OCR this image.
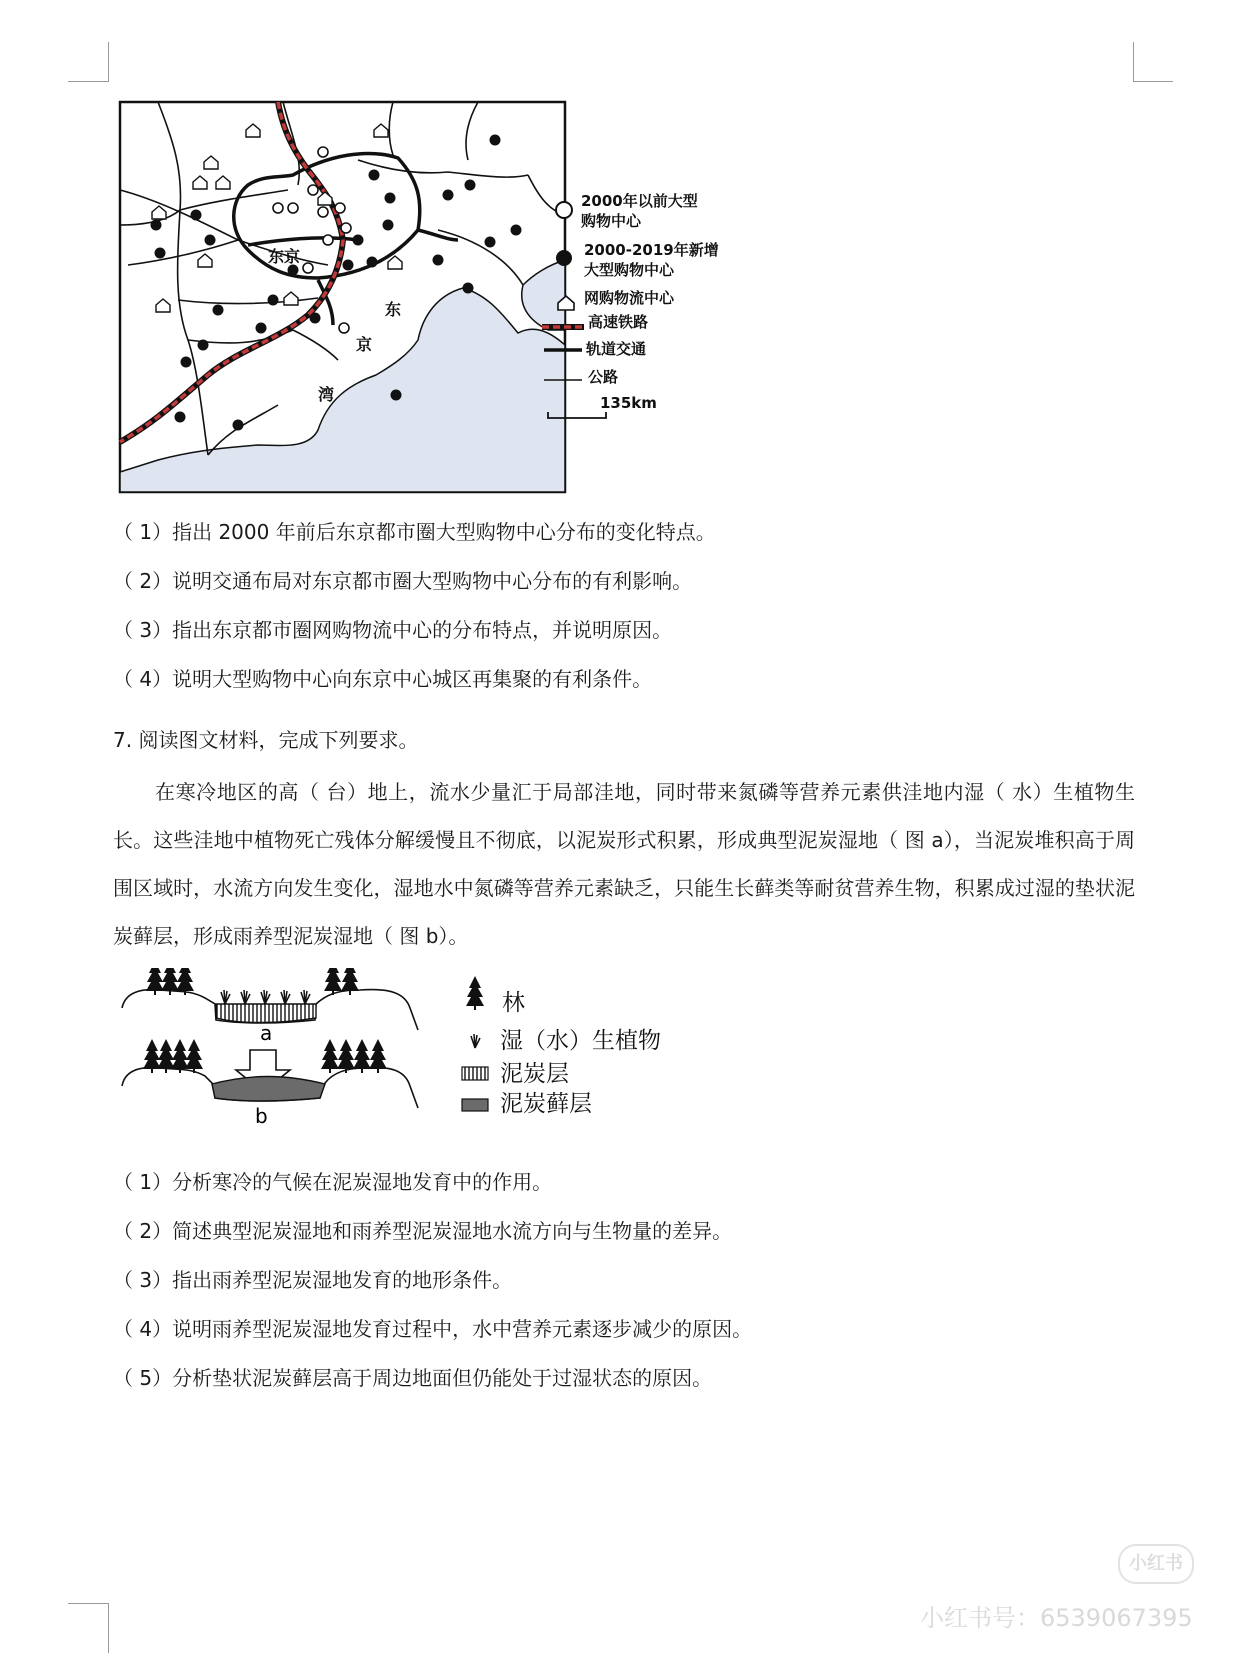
东京
东
京
湾
2000年以前大型
购物中心
2000-2019年新增
大型购物中心
网购物流中心
高速铁路
轨道交通
公路
135km
（ 1）指出 2000 年前后东京都市圈大型购物中心分布的变化特点。
（ 2）说明交通布局对东京都市圈大型购物中心分布的有利影响。
（ 3）指出东京都市圈网购物流中心的分布特点，并说明原因。
（ 4）说明大型购物中心向东京中心城区再集聚的有利条件。
7. 阅读图文材料，完成下列要求。
在寒冷地区的高（ 台）地上，流水少量汇于局部洼地，同时带来氮磷等营养元素供洼地内湿（ 水）生植物生长。这些洼地中植物死亡残体分解缓慢且不彻底，以泥炭形式积累，形成典型泥炭湿地（ 图 a），当泥炭堆积高于周围区域时，水流方向发生变化，湿地水中氮磷等营养元素缺乏，只能生长藓类等耐贫营养生物，积累成过湿的垫状泥炭藓层，形成雨养型泥炭湿地（ 图 b）。
a
b
林
湿（水）生植物
泥炭层
泥炭藓层
（ 1）分析寒冷的气候在泥炭湿地发育中的作用。
（ 2）简述典型泥炭湿地和雨养型泥炭湿地水流方向与生物量的差异。
（ 3）指出雨养型泥炭湿地发育的地形条件。
（ 4）说明雨养型泥炭湿地发育过程中，水中营养元素逐步减少的原因。
（ 5）分析垫状泥炭藓层高于周边地面但仍能处于过湿状态的原因。
小红书
小红书号：6539067395
